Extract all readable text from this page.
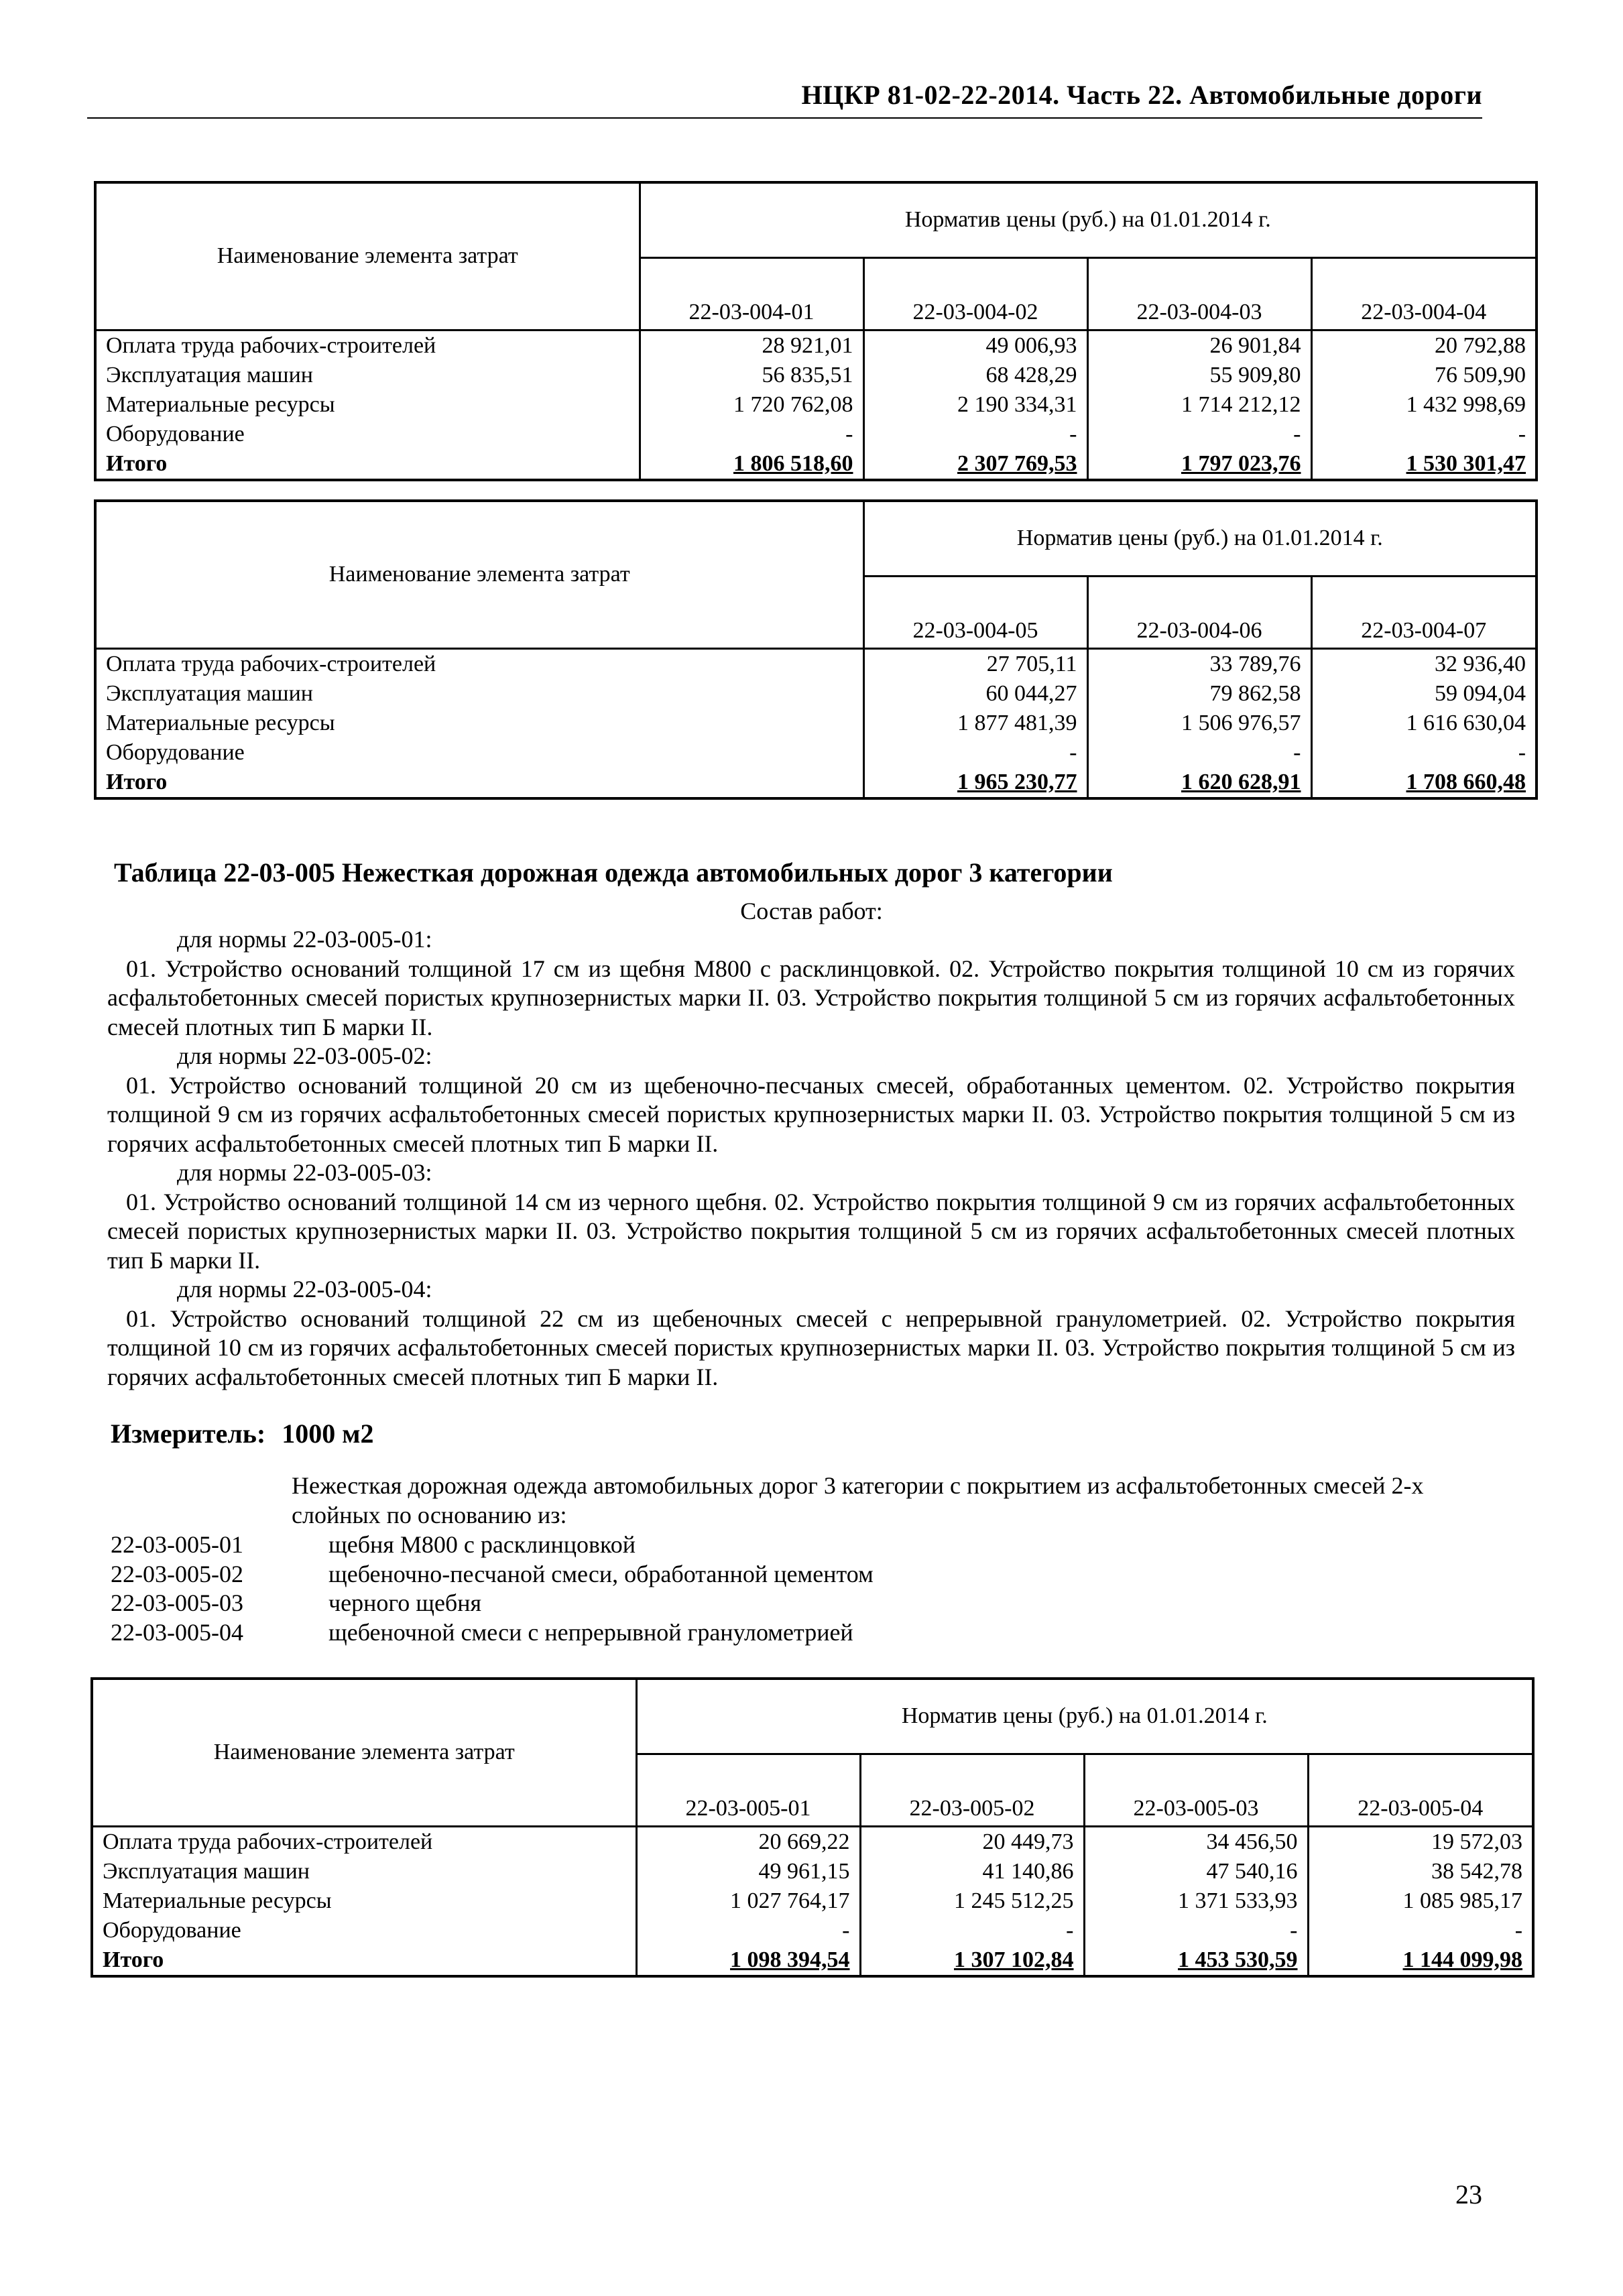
НЦКР 81-02-22-2014. Часть 22. Автомобильные дороги
Наименование элемента затрат	Норматив цены (руб.) на 01.01.2014 г.			
	22-03-004-01	22-03-004-02	22-03-004-03	22-03-004-04
Оплата труда рабочих-строителей	28 921,01	49 006,93	26 901,84	20 792,88
Эксплуатация машин	56 835,51	68 428,29	55 909,80	76 509,90
Материальные ресурсы	1 720 762,08	2 190 334,31	1 714 212,12	1 432 998,69
Оборудование	-	-	-	-
Итого	1 806 518,60	2 307 769,53	1 797 023,76	1 530 301,47
Наименование элемента затрат	Норматив цены (руб.) на 01.01.2014 г.		
	22-03-004-05	22-03-004-06	22-03-004-07
Оплата труда рабочих-строителей	27 705,11	33 789,76	32 936,40
Эксплуатация машин	60 044,27	79 862,58	59 094,04
Материальные ресурсы	1 877 481,39	1 506 976,57	1 616 630,04
Оборудование	-	-	-
Итого	1 965 230,77	1 620 628,91	1 708 660,48
Таблица 22-03-005 Нежесткая дорожная одежда автомобильных дорог 3 категории
Состав работ:
для нормы 22-03-005-01:

01. Устройство оснований толщиной 17 см из щебня М800 с расклинцовкой. 02. Устройство покрытия толщиной 10 см из горячих асфальтобетонных смесей пористых крупнозернистых марки II. 03. Устройство покрытия толщиной 5 см из горячих асфальтобетонных смесей плотных тип Б марки II.

для нормы 22-03-005-02:

01. Устройство оснований толщиной 20 см из щебеночно-песчаных смесей, обработанных цементом. 02. Устройство покрытия толщиной 9 см из горячих асфальтобетонных смесей пористых крупнозернистых марки II. 03. Устройство покрытия толщиной 5 см из горячих асфальтобетонных смесей плотных тип Б марки II.

для нормы 22-03-005-03:

01. Устройство оснований толщиной 14 см из черного щебня. 02. Устройство покрытия толщиной 9 см из горячих асфальтобетонных смесей пористых крупнозернистых марки II. 03. Устройство покрытия толщиной 5 см из горячих асфальтобетонных смесей плотных тип Б марки II.

для нормы 22-03-005-04:

01. Устройство оснований толщиной 22 см из щебеночных смесей с непрерывной гранулометрией. 02. Устройство покрытия толщиной 10 см из горячих асфальтобетонных смесей пористых крупнозернистых марки II. 03. Устройство покрытия толщиной 5 см из горячих асфальтобетонных смесей плотных тип Б марки II.

Измеритель: 1000 м2
Нежесткая дорожная одежда автомобильных дорог 3 категории с покрытием из асфальтобетонных смесей 2-х слойных по основанию из:
22-03-005-01	щебня М800 с расклинцовкой
22-03-005-02	щебеночно-песчаной смеси, обработанной цементом
22-03-005-03	черного щебня
22-03-005-04	щебеночной смеси с непрерывной гранулометрией
Наименование элемента затрат	Норматив цены (руб.) на 01.01.2014 г.			
	22-03-005-01	22-03-005-02	22-03-005-03	22-03-005-04
Оплата труда рабочих-строителей	20 669,22	20 449,73	34 456,50	19 572,03
Эксплуатация машин	49 961,15	41 140,86	47 540,16	38 542,78
Материальные ресурсы	1 027 764,17	1 245 512,25	1 371 533,93	1 085 985,17
Оборудование	-	-	-	-
Итого	1 098 394,54	1 307 102,84	1 453 530,59	1 144 099,98
23
